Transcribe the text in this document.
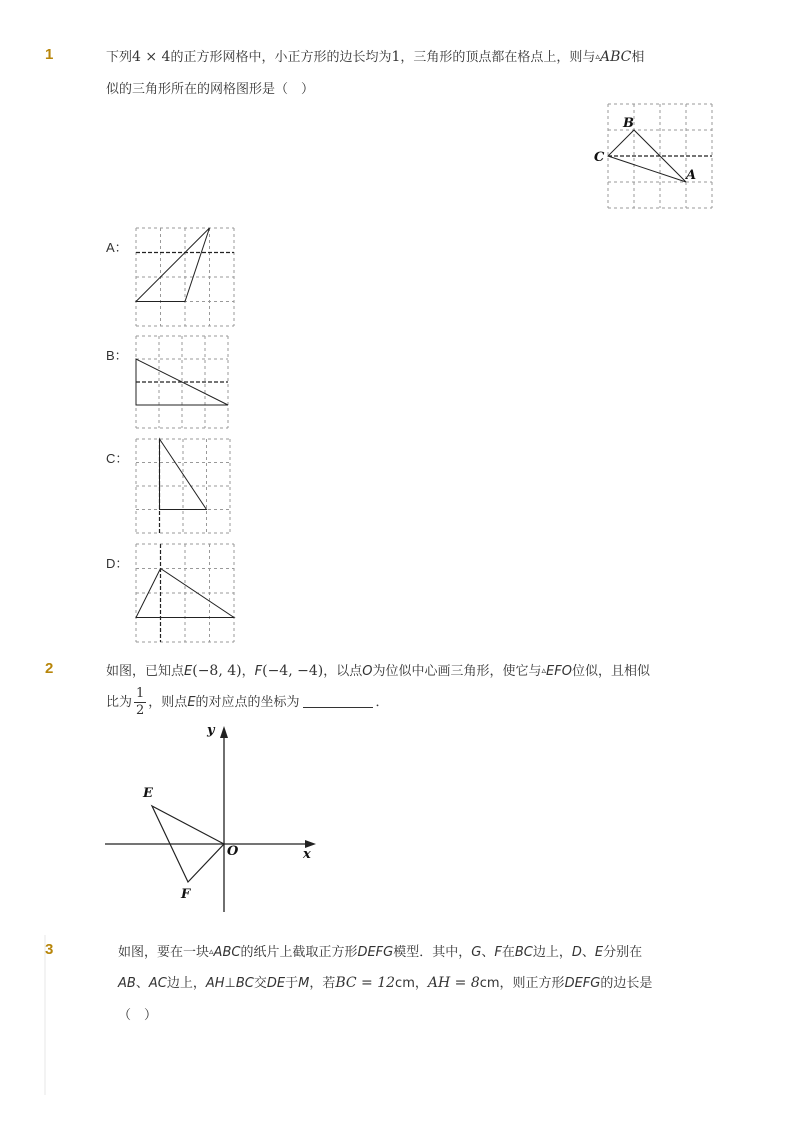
1	下列4 × 4的正方形网格中，小正方形的边长均为1，三角形的顶点都在格点上，则与▵ABC相
似的三角形所在的网格图形是（　）
B
C
A
A：
B：
C：
D：
2	如图，已知点E(−8, 4)，F(−4, −4)，以点O为位似中心画三角形，使它与▵EFO位似，且相似
比为 $\frac{1}{2}$ ，则点E的对应点的坐标为	．
y
x
E
F
O
3	如图，要在一块▵ABC的纸片上截取正方形DEFG模型．其中，G、F在BC边上，D、E分别在
AB、AC边上，AH⊥BC交DE于M，若BC = 12cm，AH = 8cm，则正方形DEFG的边长是
（　）
